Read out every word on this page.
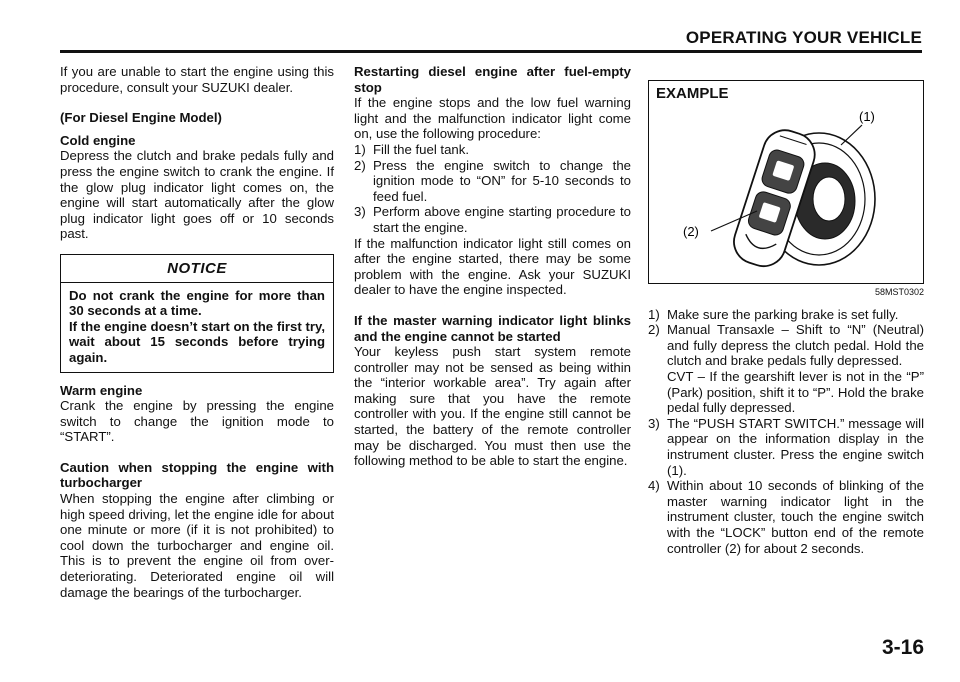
OPERATING YOUR VEHICLE

If you are unable to start the engine using this procedure, consult your SUZUKI dealer.

(For Diesel Engine Model)

Cold engine

Depress the clutch and brake pedals fully and press the engine switch to crank the engine. If the glow plug indicator light comes on, the engine will start automatically after the glow plug indicator light goes off or 10 seconds past.

NOTICE

Do not crank the engine for more than 30 seconds at a time.

If the engine doesn’t start on the first try, wait about 15 seconds before trying again.

Warm engine

Crank the engine by pressing the engine switch to change the ignition mode to “START”.

Caution when stopping the engine with turbocharger

When stopping the engine after climbing or high speed driving, let the engine idle for about one minute or more (if it is not prohibited) to cool down the turbocharger and engine oil. This is to prevent the engine oil from over-deteriorating. Deteriorated engine oil will damage the bearings of the turbocharger.

Restarting diesel engine after fuel-empty stop

If the engine stops and the low fuel warning light and the malfunction indicator light come on, use the following procedure:

1) Fill the fuel tank.
2) Press the engine switch to change the ignition mode to “ON” for 5-10 seconds to feed fuel.
3) Perform above engine starting procedure to start the engine.

If the malfunction indicator light still comes on after the engine started, there may be some problem with the engine. Ask your SUZUKI dealer to have the engine inspected.

If the master warning indicator light blinks and the engine cannot be started

Your keyless push start system remote controller may not be sensed as being within the “interior workable area”. Try again after making sure that you have the remote controller with you. If the engine still cannot be started, the battery of the remote controller may be discharged. You must then use the following method to be able to start the engine.

(1)
(2)
EXAMPLE
58MST0302
1) Make sure the parking brake is set fully.
2) Manual Transaxle – Shift to “N” (Neutral) and fully depress the clutch pedal. Hold the clutch and brake pedals fully depressed.
CVT – If the gearshift lever is not in the “P” (Park) position, shift it to “P”. Hold the brake pedal fully depressed.
3) The “PUSH START SWITCH.” message will appear on the information display in the instrument cluster. Press the engine switch (1).
4) Within about 10 seconds of blinking of the master warning indicator light in the instrument cluster, touch the engine switch with the “LOCK” button end of the remote controller (2) for about 2 seconds.
3-16
